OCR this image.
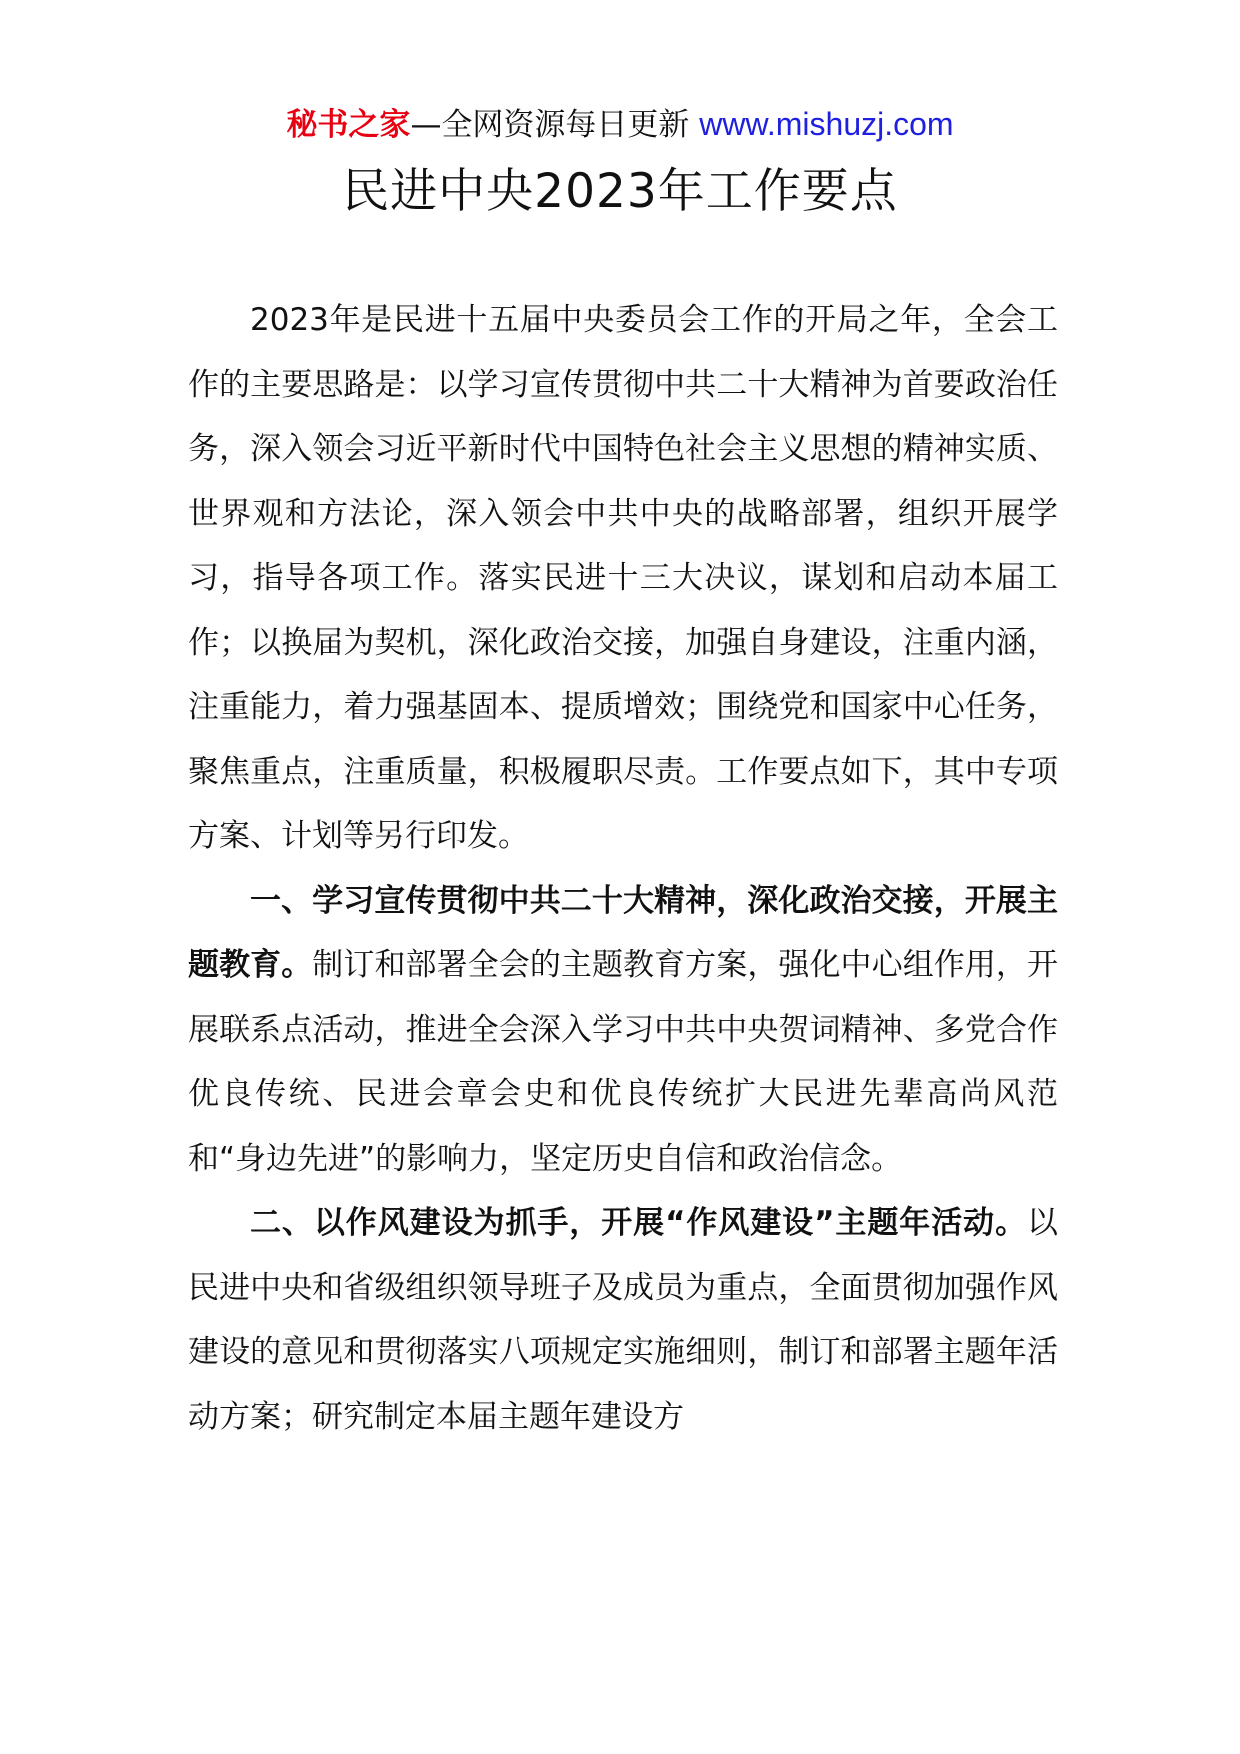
秘书之家—全网资源每日更新 www.mishuzj.com
民进中央2023年工作要点

2023年是民进十五届中央委员会工作的开局之年，全会工作的主要思路是：以学习宣传贯彻中共二十大精神为首要政治任务，深入领会习近平新时代中国特色社会主义思想的精神实质、世界观和方法论，深入领会中共中央的战略部署，组织开展学习，指导各项工作。落实民进十三大决议，谋划和启动本届工作；以换届为契机，深化政治交接，加强自身建设，注重内涵，注重能力，着力强基固本、提质增效；围绕党和国家中心任务，聚焦重点，注重质量，积极履职尽责。工作要点如下，其中专项方案、计划等另行印发。

一、学习宣传贯彻中共二十大精神，深化政治交接，开展主题教育。制订和部署全会的主题教育方案，强化中心组作用，开展联系点活动，推进全会深入学习中共中央贺词精神、多党合作优良传统、民进会章会史和优良传统扩大民进先辈高尚风范和“身边先进”的影响力，坚定历史自信和政治信念。

二、以作风建设为抓手，开展“作风建设”主题年活动。以民进中央和省级组织领导班子及成员为重点，全面贯彻加强作风建设的意见和贯彻落实八项规定实施细则，制订和部署主题年活动方案；研究制定本届主题年建设方
